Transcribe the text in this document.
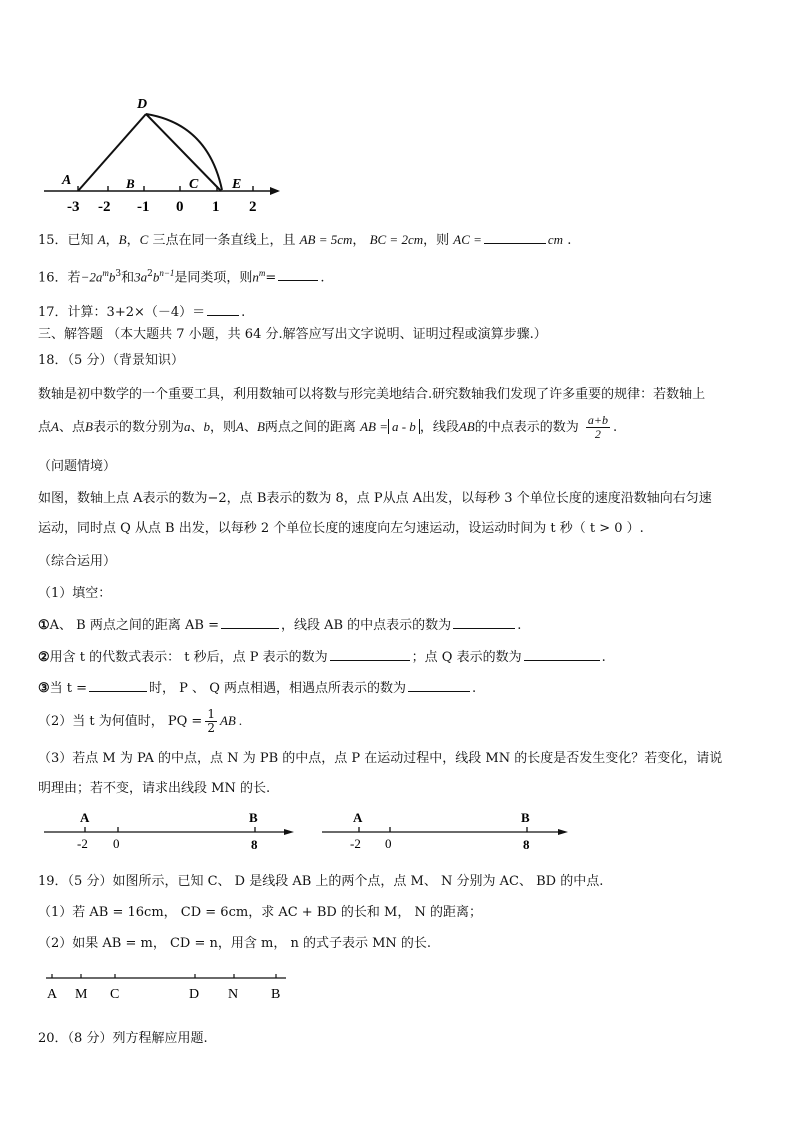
D
A	B	C E
-3 -2 -1 0 1 2
15．已知 A，B，C 三点在同一条直线上，且 AB = 5cm， BC = 2cm，则 AC =	cm .
16．若$-2a^mb^3$和$3a^2b^{n-1}$是同类项，则$n^m=$	.
17．计算：3+2×（－4）＝	.
三、解答题 （本大题共 7 小题，共 64 分.解答应写出文字说明、证明过程或演算步骤.）
18．（5 分）（背景知识）
数轴是初中数学的一个重要工具，利用数轴可以将数与形完美地结合.研究数轴我们发现了许多重要的规律：若数轴上
点A、点B表示的数分别为a、b，则A、B两点之间的距离 AB = a - b ，线段AB的中点表示的数为 $\frac{a+b}{2}$ .
（问题情境）
如图，数轴上点 A表示的数为−2，点 B表示的数为 8，点 P从点 A出发，以每秒 3 个单位长度的速度沿数轴向右匀速
运动，同时点 Q 从点 B 出发，以每秒 2 个单位长度的速度向左匀速运动，设运动时间为 t 秒（ t > 0 ）.
（综合运用）
（1）填空：
①A、 B 两点之间的距离 AB =	，线段 AB 的中点表示的数为	.
②用含 t 的代数式表示： t 秒后，点 P 表示的数为	；点 Q 表示的数为	.
③当 t =	时， P 、 Q 两点相遇，相遇点所表示的数为	.
（2）当 t 为何值时， PQ = $\frac{1}{2}$ AB .
（3）若点 M 为 PA 的中点，点 N 为 PB 的中点，点 P 在运动过程中，线段 MN 的长度是否发生变化？若变化，请说
明理由；若不变，请求出线段 MN 的长.
A	B
-2 0	8
A	B
-2 0	8
19．（5 分）如图所示，已知 C、 D 是线段 AB 上的两个点，点 M、 N 分别为 AC、 BD 的中点.
（1）若 AB = 16cm， CD = 6cm，求 AC + BD 的长和 M， N 的距离；
（2）如果 AB = m， CD = n，用含 m， n 的式子表示 MN 的长.
A M C	D N B
20．（8 分）列方程解应用题.
